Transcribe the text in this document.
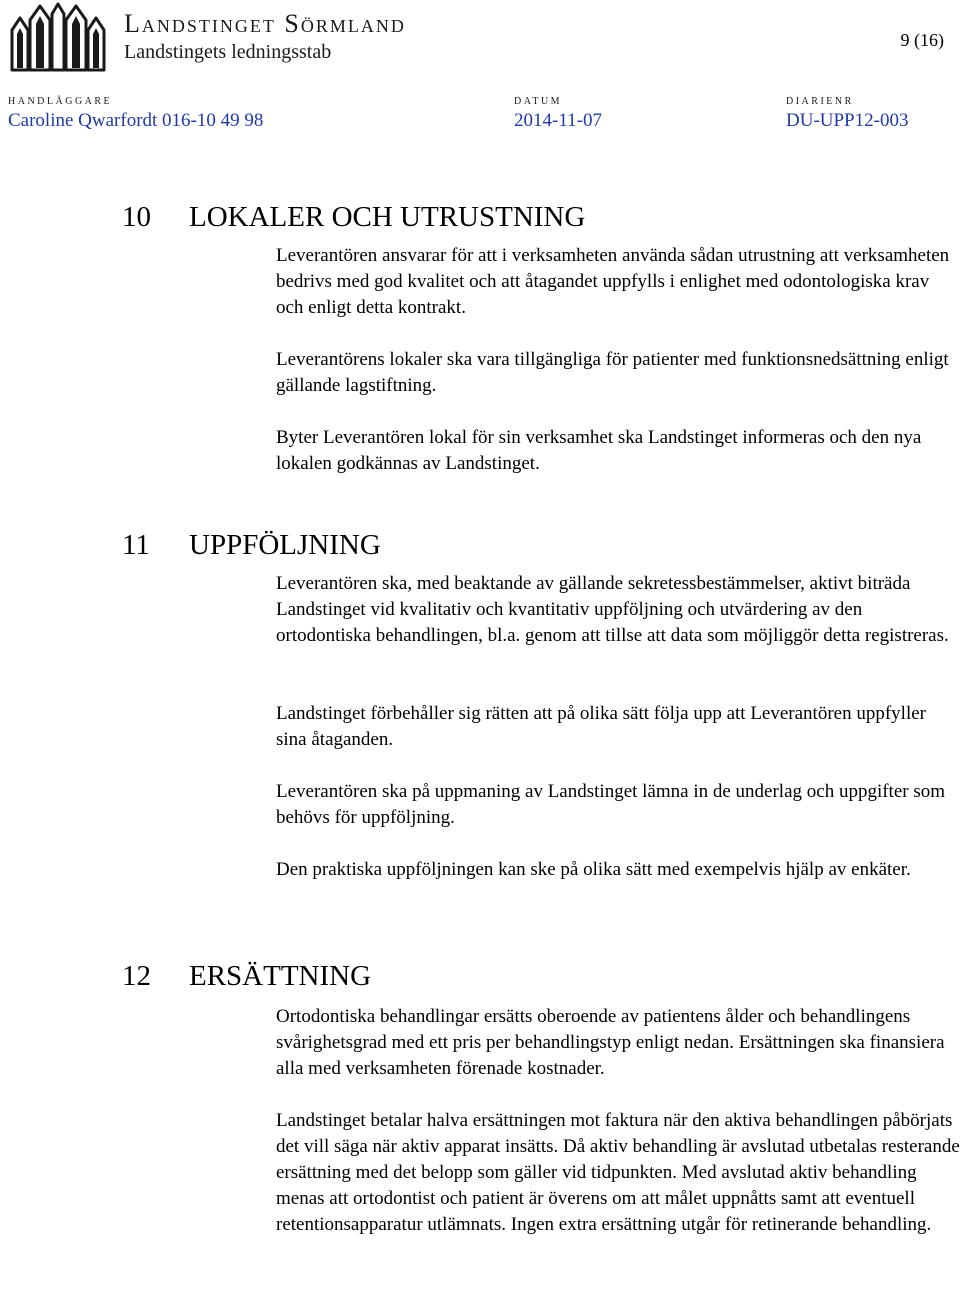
Landstinget Sörmland
Landstingets ledningsstab
9 (16)
HANDLÄGGARE
Caroline Qwarfordt 016-10 49 98
DATUM
2014-11-07
DIARIENR
DU-UPP12-003
10 LOKALER OCH UTRUSTNING

Leverantören ansvarar för att i verksamheten använda sådan utrustning att verksamheten bedrivs med god kvalitet och att åtagandet uppfylls i enlighet med odontologiska krav och enligt detta kontrakt.

Leverantörens lokaler ska vara tillgängliga för patienter med funktionsnedsättning enligt gällande lagstiftning.

Byter Leverantören lokal för sin verksamhet ska Landstinget informeras och den nya lokalen godkännas av Landstinget.

11 UPPFÖLJNING

Leverantören ska, med beaktande av gällande sekretessbestämmelser, aktivt biträda Landstinget vid kvalitativ och kvantitativ uppföljning och utvärdering av den ortodontiska behandlingen, bl.a. genom att tillse att data som möjliggör detta registreras.

Landstinget förbehåller sig rätten att på olika sätt följa upp att Leverantören uppfyller sina åtaganden.

Leverantören ska på uppmaning av Landstinget lämna in de underlag och uppgifter som behövs för uppföljning.

Den praktiska uppföljningen kan ske på olika sätt med exempelvis hjälp av enkäter.

12 ERSÄTTNING

Ortodontiska behandlingar ersätts oberoende av patientens ålder och behandlingens svårighetsgrad med ett pris per behandlingstyp enligt nedan. Ersättningen ska finansiera alla med verksamheten förenade kostnader.

Landstinget betalar halva ersättningen mot faktura när den aktiva behandlingen påbörjats det vill säga när aktiv apparat insätts. Då aktiv behandling är avslutad utbetalas resterande ersättning med det belopp som gäller vid tidpunkten. Med avslutad aktiv behandling menas att ortodontist och patient är överens om att målet uppnåtts samt att eventuell retentionsapparatur utlämnats. Ingen extra ersättning utgår för retinerande behandling.
